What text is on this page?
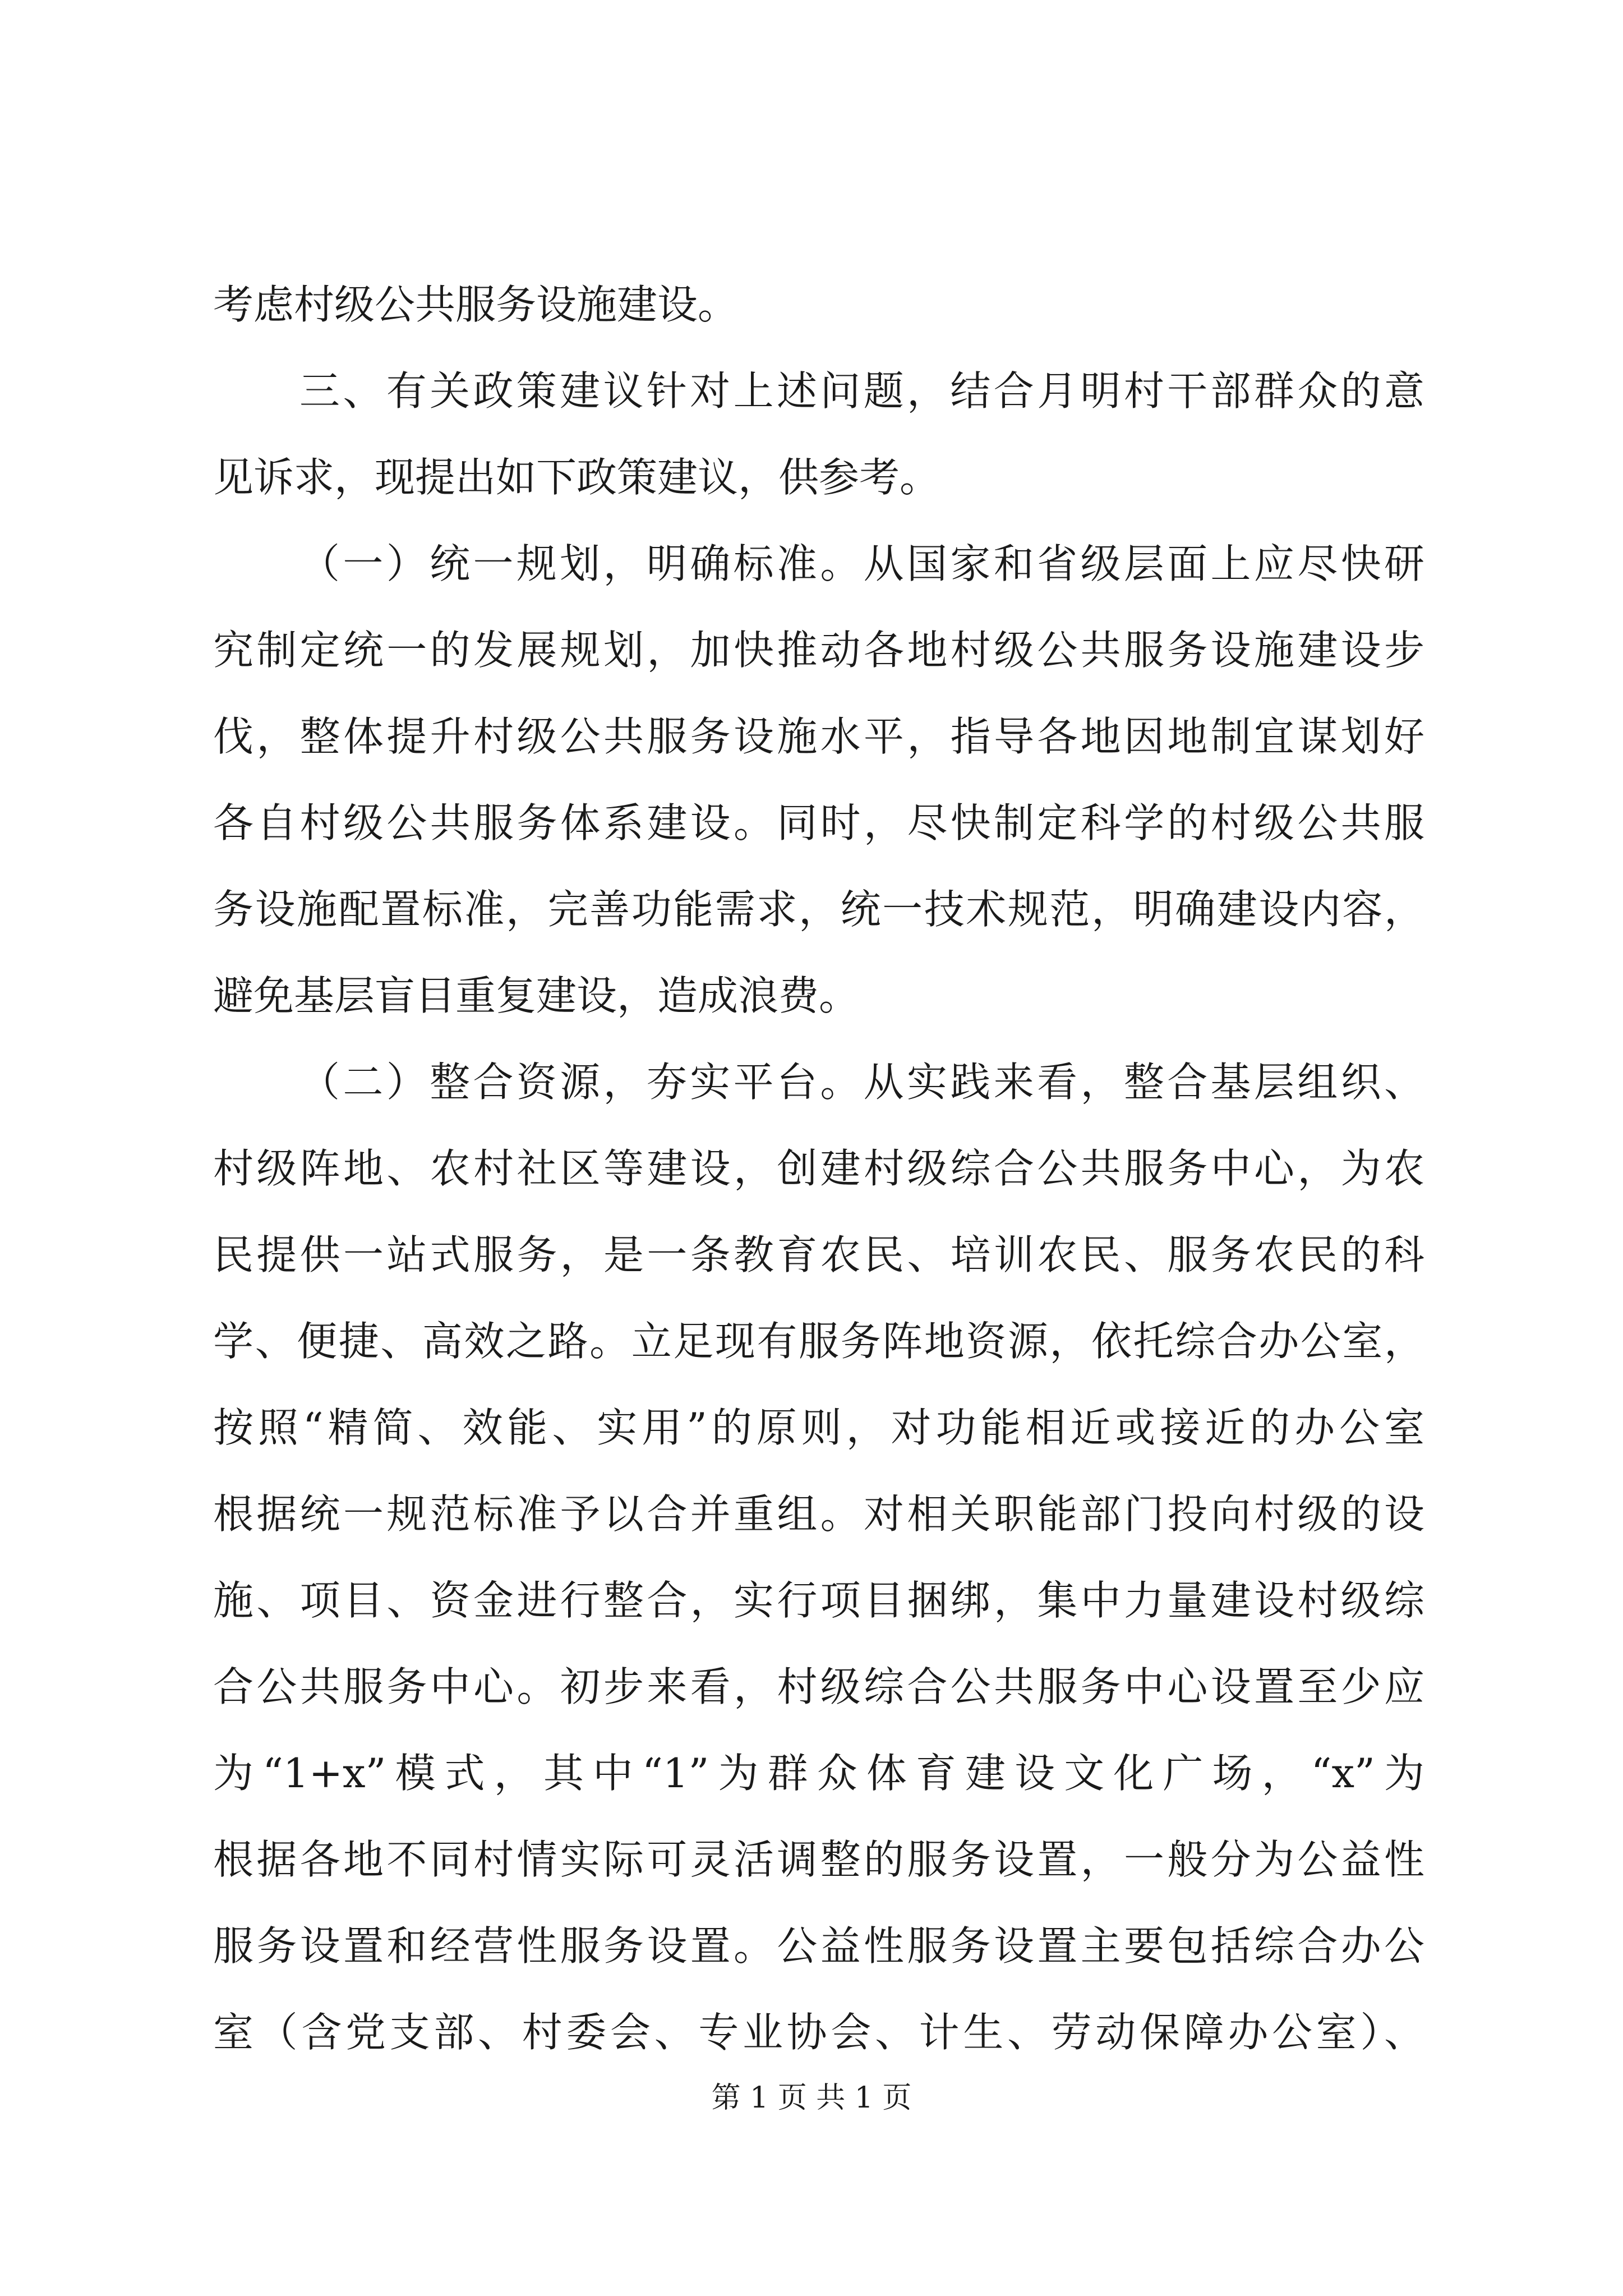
考虑村级公共服务设施建设。
三、有关政策建议针对上述问题，结合月明村干部群众的意
见诉求，现提出如下政策建议，供参考。
（一）统一规划，明确标准。从国家和省级层面上应尽快研
究制定统一的发展规划，加快推动各地村级公共服务设施建设步
伐，整体提升村级公共服务设施水平，指导各地因地制宜谋划好
各自村级公共服务体系建设。同时，尽快制定科学的村级公共服
务设施配置标准，完善功能需求，统一技术规范，明确建设内容，
避免基层盲目重复建设，造成浪费。
（二）整合资源，夯实平台。从实践来看，整合基层组织、
村级阵地、农村社区等建设，创建村级综合公共服务中心，为农
民提供一站式服务，是一条教育农民、培训农民、服务农民的科
学、便捷、高效之路。立足现有服务阵地资源，依托综合办公室，
按照“精简、效能、实用”的原则，对功能相近或接近的办公室
根据统一规范标准予以合并重组。对相关职能部门投向村级的设
施、项目、资金进行整合，实行项目捆绑，集中力量建设村级综
合公共服务中心。初步来看，村级综合公共服务中心设置至少应
为“1+x”模式，其中“1”为群众体育建设文化广场，“x”为
根据各地不同村情实际可灵活调整的服务设置，一般分为公益性
服务设置和经营性服务设置。公益性服务设置主要包括综合办公
室（含党支部、村委会、专业协会、计生、劳动保障办公室）、
第 1 页 共 1 页
